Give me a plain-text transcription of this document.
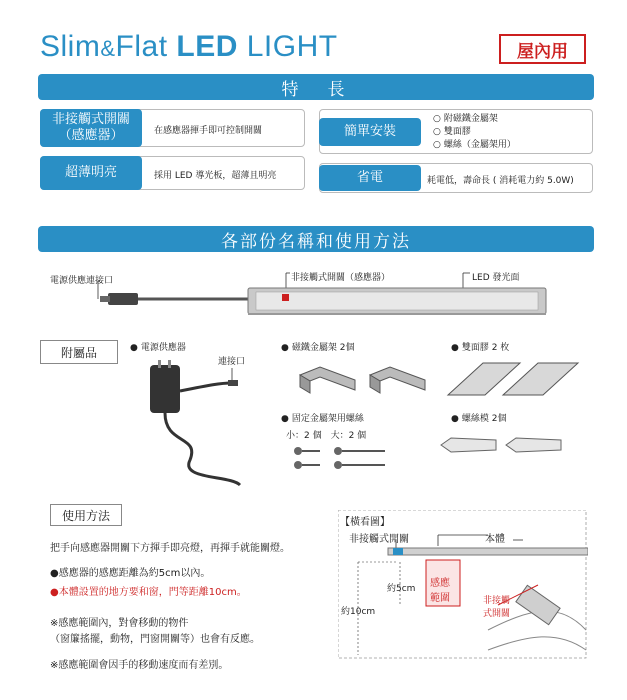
Slim&Flat LED LIGHT	屋內用
特　長
非接觸式開關
（感應器）	在感應器揮手即可控制開關
超薄明亮	採用 LED 導光板，超薄且明亮
簡單安裝
○ 附磁鐵金屬架
○ 雙面膠
○ 螺絲（金屬架用）
省電	耗電低，壽命長 ( 消耗電力約 5.0W)
各部份名稱和使用方法
電源供應連接口	非接觸式開關（感應器）	LED 發光面
附屬品	● 電源供應器
連接口
● 磁鐵金屬架 2個	● 雙面膠 2 枚
● 固定金屬架用螺絲
小：2 個　大：2 個
● 螺絲模 2個
使用方法
把手向感應器開關下方揮手即亮燈，再揮手就能關燈。
●感應器的感應距離為約5cm以內。
●本體設置的地方要和窗，門等距離10cm。
※感應範圍內，對會移動的物件
（窗簾搖擺，動物，門窗開關等）也會有反應。
※感應範圍會因手的移動速度而有差別。
【橫看圖】
非接觸式開關	本體
約5cm
約10cm
感應
範圍	非接觸
式開關
